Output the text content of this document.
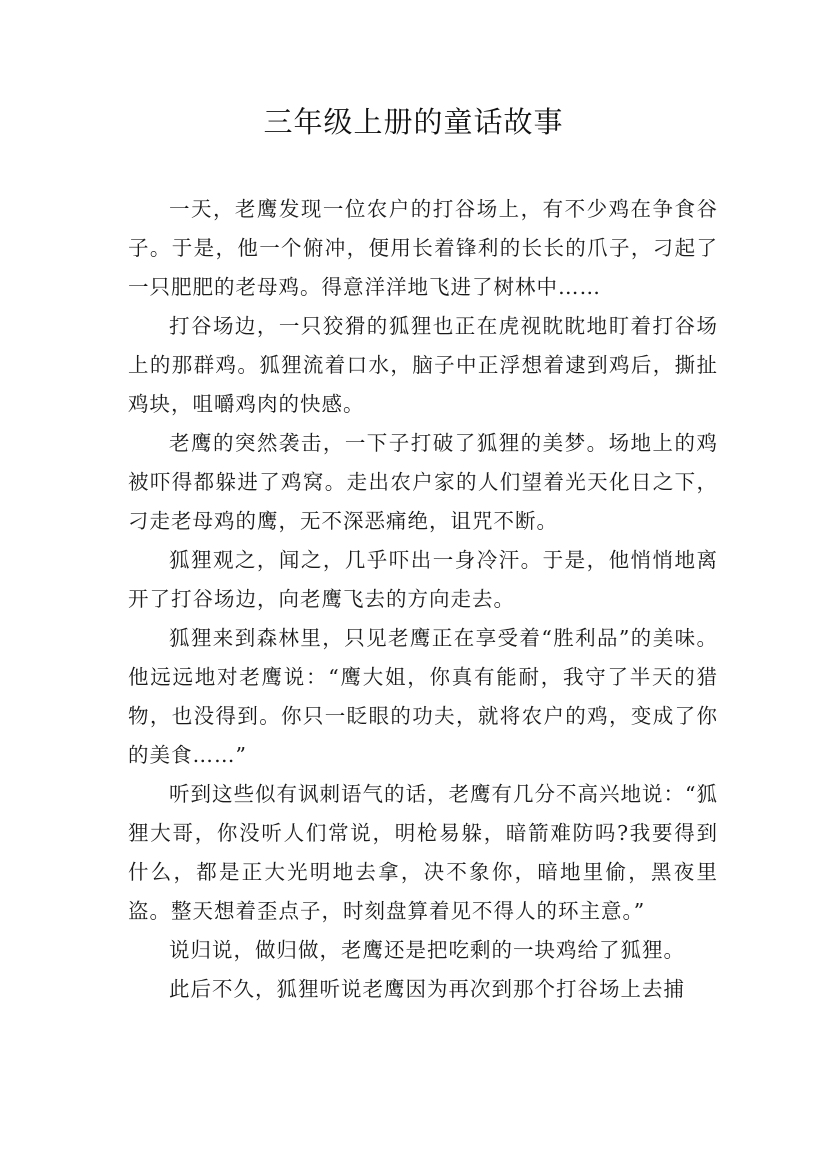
三年级上册的童话故事

一天，老鹰发现一位农户的打谷场上，有不少鸡在争食谷子。于是，他一个俯冲，便用长着锋利的长长的爪子，刁起了一只肥肥的老母鸡。得意洋洋地飞进了树林中……

打谷场边，一只狡猾的狐狸也正在虎视眈眈地盯着打谷场上的那群鸡。狐狸流着口水，脑子中正浮想着逮到鸡后，撕扯鸡块，咀嚼鸡肉的快感。

老鹰的突然袭击，一下子打破了狐狸的美梦。场地上的鸡被吓得都躲进了鸡窝。走出农户家的人们望着光天化日之下，刁走老母鸡的鹰，无不深恶痛绝，诅咒不断。

狐狸观之，闻之，几乎吓出一身冷汗。于是，他悄悄地离开了打谷场边，向老鹰飞去的方向走去。

狐狸来到森林里，只见老鹰正在享受着“胜利品”的美味。他远远地对老鹰说：“鹰大姐，你真有能耐，我守了半天的猎物，也没得到。你只一眨眼的功夫，就将农户的鸡，变成了你的美食……”

听到这些似有讽刺语气的话，老鹰有几分不高兴地说：“狐狸大哥，你没听人们常说，明枪易躲，暗箭难防吗?我要得到什么，都是正大光明地去拿，决不象你，暗地里偷，黑夜里盗。整天想着歪点子，时刻盘算着见不得人的环主意。”

说归说，做归做，老鹰还是把吃剩的一块鸡给了狐狸。

此后不久，狐狸听说老鹰因为再次到那个打谷场上去捕
